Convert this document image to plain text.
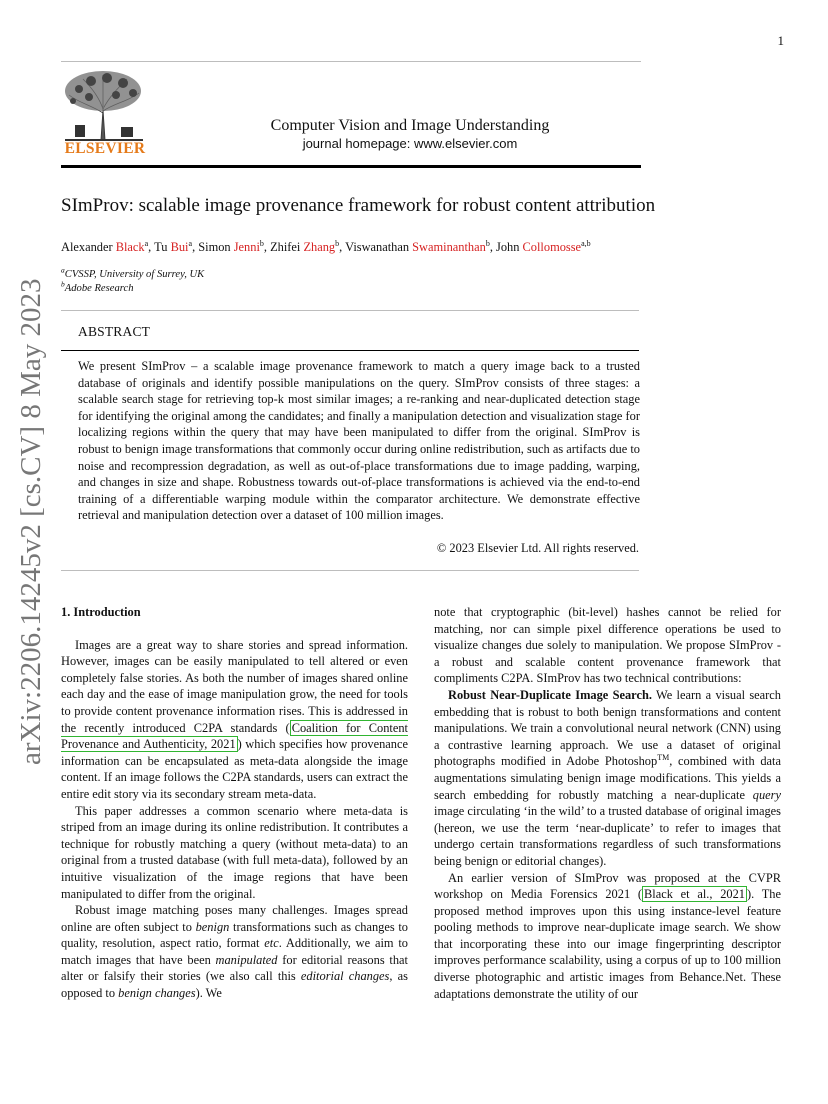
1
ELSEVIER
Computer Vision and Image Understanding
journal homepage: www.elsevier.com
arXiv:2206.14245v2 [cs.CV] 8 May 2023
SImProv: scalable image provenance framework for robust content attribution
Alexander Black$^a$, Tu Bui$^a$, Simon Jenni$^b$, Zhifei Zhang$^b$, Viswanathan Swaminanthan$^b$, John Collomosse$^{a,b}$
$^a$CVSSP, University of Surrey, UK
$^b$Adobe Research
ABSTRACT
We present SImProv – a scalable image provenance framework to match a query image back to a trusted database of originals and identify possible manipulations on the query. SImProv consists of three stages: a scalable search stage for retrieving top-k most similar images; a re-ranking and near-duplicated detection stage for identifying the original among the candidates; and finally a manipulation detection and visualization stage for localizing regions within the query that may have been manipulated to differ from the original. SImProv is robust to benign image transformations that commonly occur during online redistribution, such as artifacts due to noise and recompression degradation, as well as out-of-place transformations due to image padding, warping, and changes in size and shape. Robustness towards out-of-place transformations is achieved via the end-to-end training of a differentiable warping module within the comparator architecture. We demonstrate effective retrieval and manipulation detection over a dataset of 100 million images.
© 2023 Elsevier Ltd. All rights reserved.

1. Introduction

Images are a great way to share stories and spread information. However, images can be easily manipulated to tell altered or even completely false stories. As both the number of images shared online each day and the ease of image manipulation grow, the need for tools to provide content provenance information rises. This is addressed in the recently introduced C2PA standards ( Coalition for Content Provenance and Authenticity, 2021 ) which specifies how provenance information can be encapsulated as meta-data alongside the image content. If an image follows the C2PA standards, users can extract the entire edit story via its secondary stream meta-data.

This paper addresses a common scenario where meta-data is striped from an image during its online redistribution. It contributes a technique for robustly matching a query (without meta-data) to an original from a trusted database (with full meta-data), followed by an intuitive visualization of the image regions that have been manipulated to differ from the original.

Robust image matching poses many challenges. Images spread online are often subject to benign transformations such as changes to quality, resolution, aspect ratio, format etc. Additionally, we aim to match images that have been manipulated for editorial reasons that alter or falsify their stories (we also call this editorial changes, as opposed to benign changes). We

note that cryptographic (bit-level) hashes cannot be relied for matching, nor can simple pixel difference operations be used to visualize changes due solely to manipulation. We propose SImProv - a robust and scalable content provenance framework that compliments C2PA. SImProv has two technical contributions:

Robust Near-Duplicate Image Search. We learn a visual search embedding that is robust to both benign transformations and content manipulations. We train a convolutional neural network (CNN) using a contrastive learning approach. We use a dataset of original photographs modified in Adobe Photoshop™, combined with data augmentations simulating benign image modifications. This yields a search embedding for robustly matching a near-duplicate query image circulating ‘in the wild’ to a trusted database of original images (hereon, we use the term ‘near-duplicate’ to refer to images that undergo certain transformations regardless of such transformations being benign or editorial changes).

An earlier version of SImProv was proposed at the CVPR workshop on Media Forensics 2021 ( Black et al., 2021 ). The proposed method improves upon this using instance-level feature pooling methods to improve near-duplicate image search. We show that incorporating these into our image fingerprinting descriptor improves performance scalability, using a corpus of up to 100 million diverse photographic and artistic images from Behance.Net. These adaptations demonstrate the utility of our
